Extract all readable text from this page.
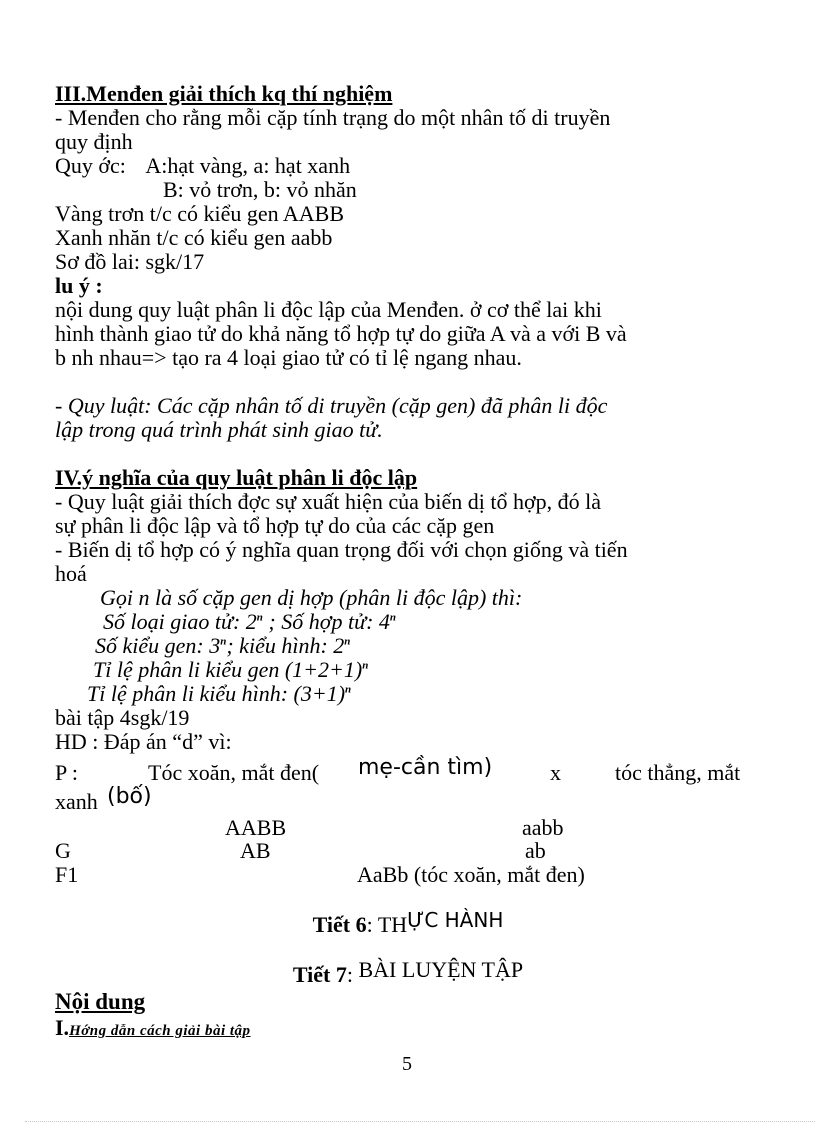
III.Menđen giải thích kq thí nghiệm
- Menđen cho rằng mỗi cặp tính trạng do một nhân tố di truyền
quy định
Quy ớc: A:hạt vàng, a: hạt xanh
B: vỏ trơn, b: vỏ nhăn
Vàng trơn t/c có kiểu gen AABB
Xanh nhăn t/c có kiểu gen aabb
Sơ đồ lai: sgk/17
lu ý :
nội dung quy luật phân li độc lập của Menđen. ở cơ thể lai khi
hình thành giao tử do khả năng tổ hợp tự do giữa A và a với B và
b nh nhau=> tạo ra 4 loại giao tử có tỉ lệ ngang nhau.
- Quy luật: Các cặp nhân tố di truyền (cặp gen) đã phân li độc
lập trong quá trình phát sinh giao tử.
IV.ý nghĩa của quy luật phân li độc lập
- Quy luật giải thích đợc sự xuất hiện của biến dị tổ hợp, đó là
sự phân li độc lập và tổ hợp tự do của các cặp gen
- Biến dị tổ hợp có ý nghĩa quan trọng đối với chọn giống và tiến
hoá
Gọi n là số cặp gen dị hợp (phân li độc lập) thì:
Số loại giao tử: 2$^n$ ; Số hợp tử: 4$^n$
Số kiểu gen: 3$^n$; kiểu hình: 2$^n$
Tỉ lệ phân li kiểu gen $(1+2+1)^n$
Tỉ lệ phân li kiểu hình: $(3+1)^n$
bài tập 4sgk/19
HD : Đáp án “d” vì:
P :	Tóc xoăn, mắt đen( mẹ-cần tìm)	x tóc thẳng, mắt
xanh (bố)
AABB	aabb
G	AB	ab
F1	AaBb (tóc xoăn, mắt đen)
Tiết 6: THỰC HÀNH
Tiết 7: BÀI LUYỆN TẬP
Nội dung
I.Hớng dẫn cách giải bài tập
5
